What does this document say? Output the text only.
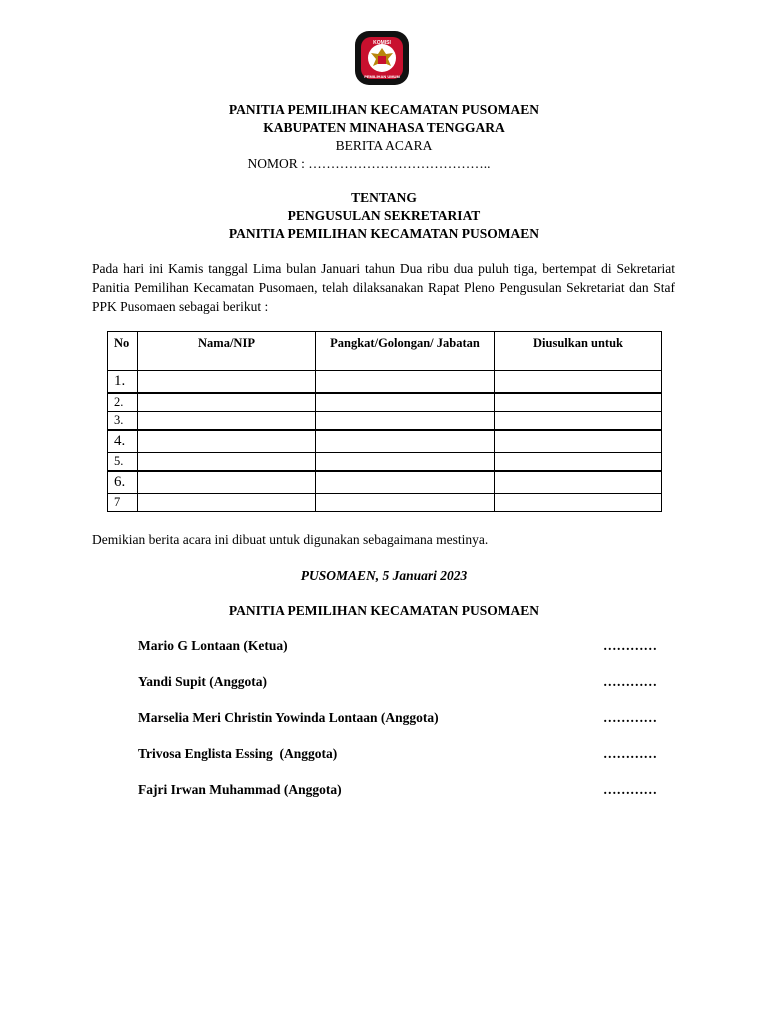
KOMISI
PEMILIHAN UMUM
PANITIA PEMILIHAN KECAMATAN PUSOMAEN
KABUPATEN MINAHASA TENGGARA
BERITA ACARA
NOMOR : …………………………………..
TENTANG
PENGUSULAN SEKRETARIAT
PANITIA PEMILIHAN KECAMATAN PUSOMAEN
Pada hari ini Kamis tanggal Lima bulan Januari tahun Dua ribu dua puluh tiga, bertempat di Sekretariat Panitia Pemilihan Kecamatan Pusomaen, telah dilaksanakan Rapat Pleno Pengusulan Sekretariat dan Staf PPK Pusomaen sebagai berikut :
No	Nama/NIP	Pangkat/Golongan/ Jabatan	Diusulkan untuk
1.			
2.			
3.			
4.			
5.			
6.			
7			
Demikian berita acara ini dibuat untuk digunakan sebagaimana mestinya.
PUSOMAEN, 5 Januari 2023
PANITIA PEMILIHAN KECAMATAN PUSOMAEN
Mario G Lontaan (Ketua)	…………
Yandi Supit (Anggota)	…………
Marselia Meri Christin Yowinda Lontaan (Anggota)	…………
Trivosa Englista Essing  (Anggota)	…………
Fajri Irwan Muhammad (Anggota)	…………
